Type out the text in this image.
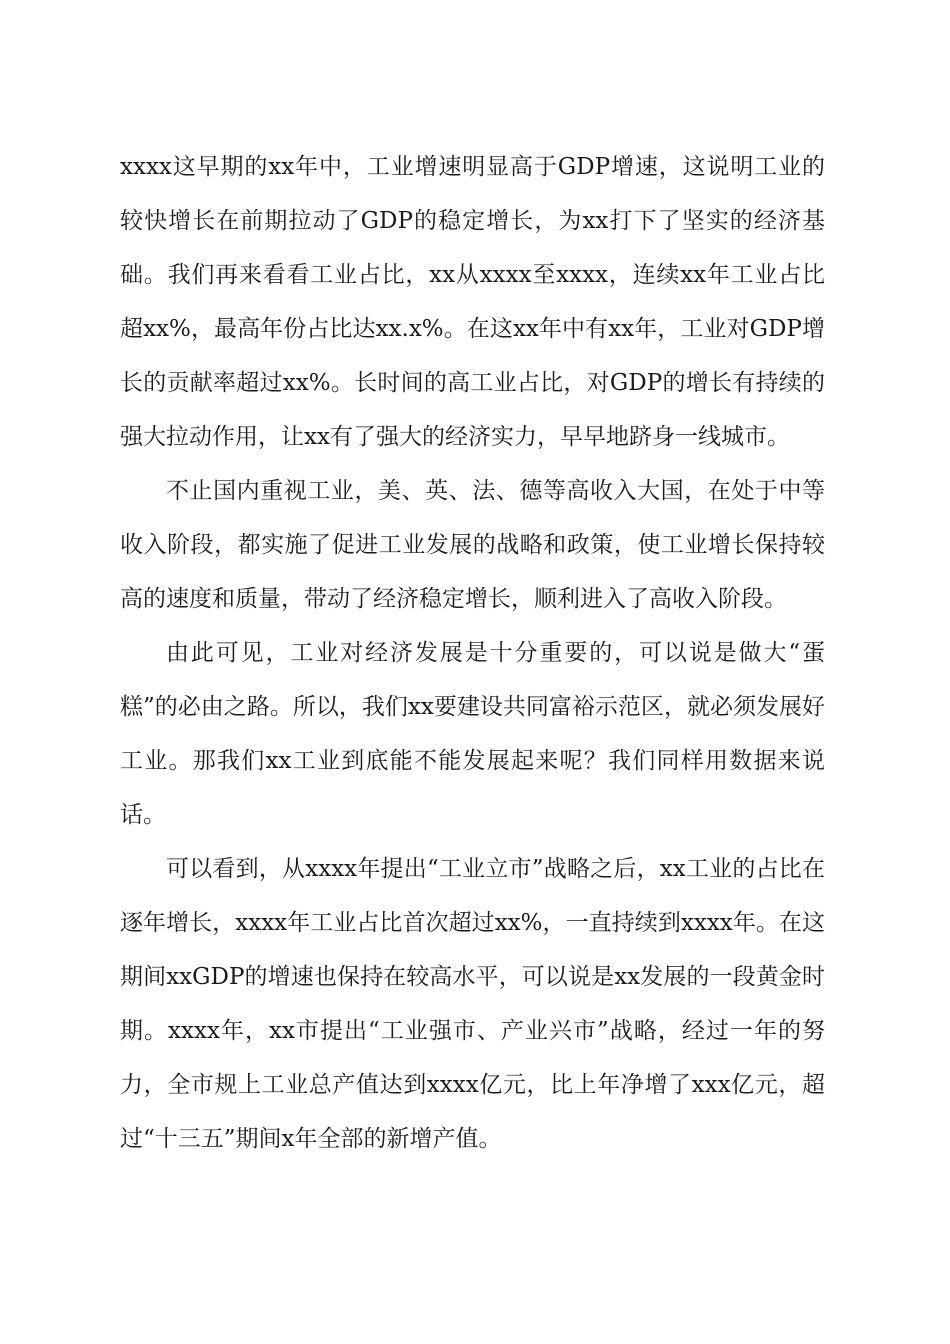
xxxx这早期的xx年中，工业增速明显高于GDP增速，这说明工业的较快增长在前期拉动了GDP的稳定增长，为xx打下了坚实的经济基础。我们再来看看工业占比，xx从xxxx至xxxx，连续xx年工业占比超xx%，最高年份占比达xx.x%。在这xx年中有xx年，工业对GDP增长的贡献率超过xx%。长时间的高工业占比，对GDP的增长有持续的强大拉动作用，让xx有了强大的经济实力，早早地跻身一线城市。

不止国内重视工业，美、英、法、德等高收入大国，在处于中等收入阶段，都实施了促进工业发展的战略和政策，使工业增长保持较高的速度和质量，带动了经济稳定增长，顺利进入了高收入阶段。

由此可见，工业对经济发展是十分重要的，可以说是做大“蛋糕”的必由之路。所以，我们xx要建设共同富裕示范区，就必须发展好工业。那我们xx工业到底能不能发展起来呢？我们同样用数据来说话。

可以看到，从xxxx年提出“工业立市”战略之后，xx工业的占比在逐年增长，xxxx年工业占比首次超过xx%，一直持续到xxxx年。在这期间xxGDP的增速也保持在较高水平，可以说是xx发展的一段黄金时期。xxxx年，xx市提出“工业强市、产业兴市”战略，经过一年的努力，全市规上工业总产值达到xxxx亿元，比上年净增了xxx亿元，超过“十三五”期间x年全部的新增产值。
